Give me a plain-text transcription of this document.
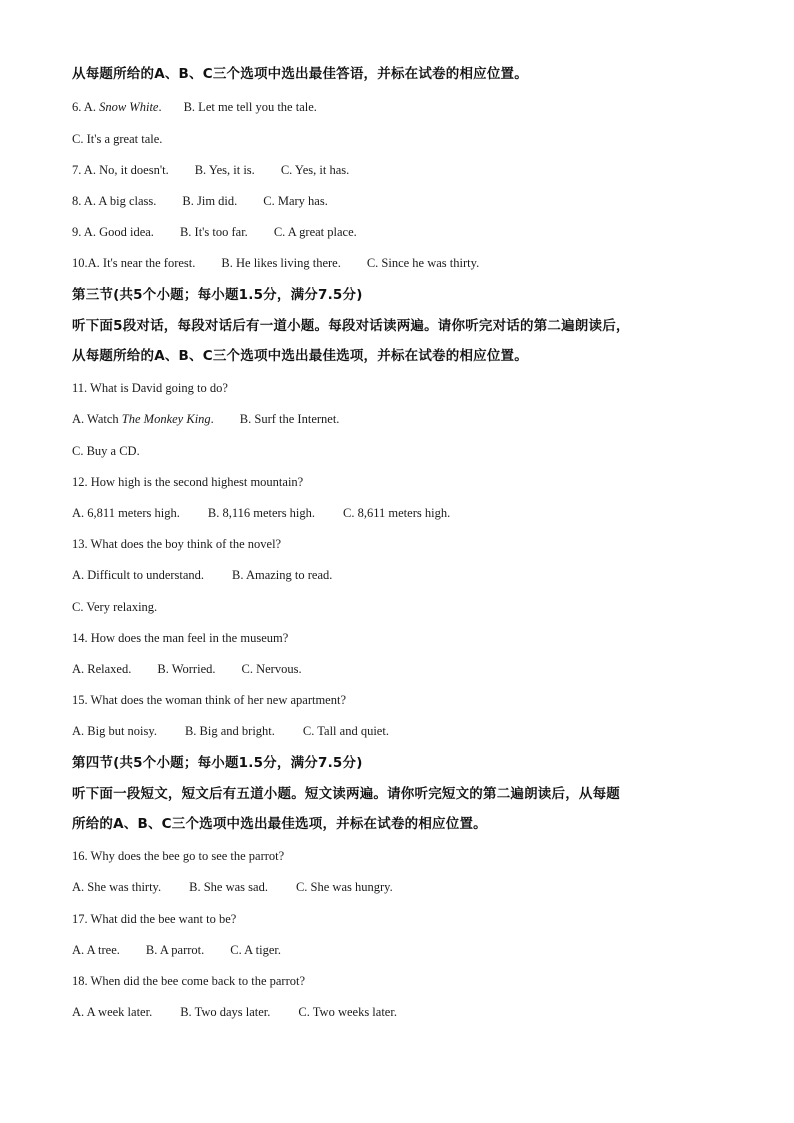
从每题所给的A、B、C三个选项中选出最佳答语，并标在试卷的相应位置。
6. A. Snow White. B. Let me tell you the tale.
C. It's a great tale.
7. A. No, it doesn't. B. Yes, it is. C. Yes, it has.
8. A. A big class. B. Jim did. C. Mary has.
9. A. Good idea. B. It's too far. C. A great place.
10.A. It's near the forest. B. He likes living there. C. Since he was thirty.
第三节(共5个小题；每小题1.5分，满分7.5分)
听下面5段对话，每段对话后有一道小题。每段对话读两遍。请你听完对话的第二遍朗读后，
从每题所给的A、B、C三个选项中选出最佳选项，并标在试卷的相应位置。
11. What is David going to do?
A. Watch The Monkey King. B. Surf the Internet.
C. Buy a CD.
12. How high is the second highest mountain?
A. 6,811 meters high. B. 8,116 meters high. C. 8,611 meters high.
13. What does the boy think of the novel?
A. Difficult to understand. B. Amazing to read.
C. Very relaxing.
14. How does the man feel in the museum?
A. Relaxed. B. Worried. C. Nervous.
15. What does the woman think of her new apartment?
A. Big but noisy. B. Big and bright. C. Tall and quiet.
第四节(共5个小题；每小题1.5分，满分7.5分)
听下面一段短文，短文后有五道小题。短文读两遍。请你听完短文的第二遍朗读后，从每题
所给的A、B、C三个选项中选出最佳选项，并标在试卷的相应位置。
16. Why does the bee go to see the parrot?
A. She was thirty. B. She was sad. C. She was hungry.
17. What did the bee want to be?
A. A tree. B. A parrot. C. A tiger.
18. When did the bee come back to the parrot?
A. A week later. B. Two days later. C. Two weeks later.
